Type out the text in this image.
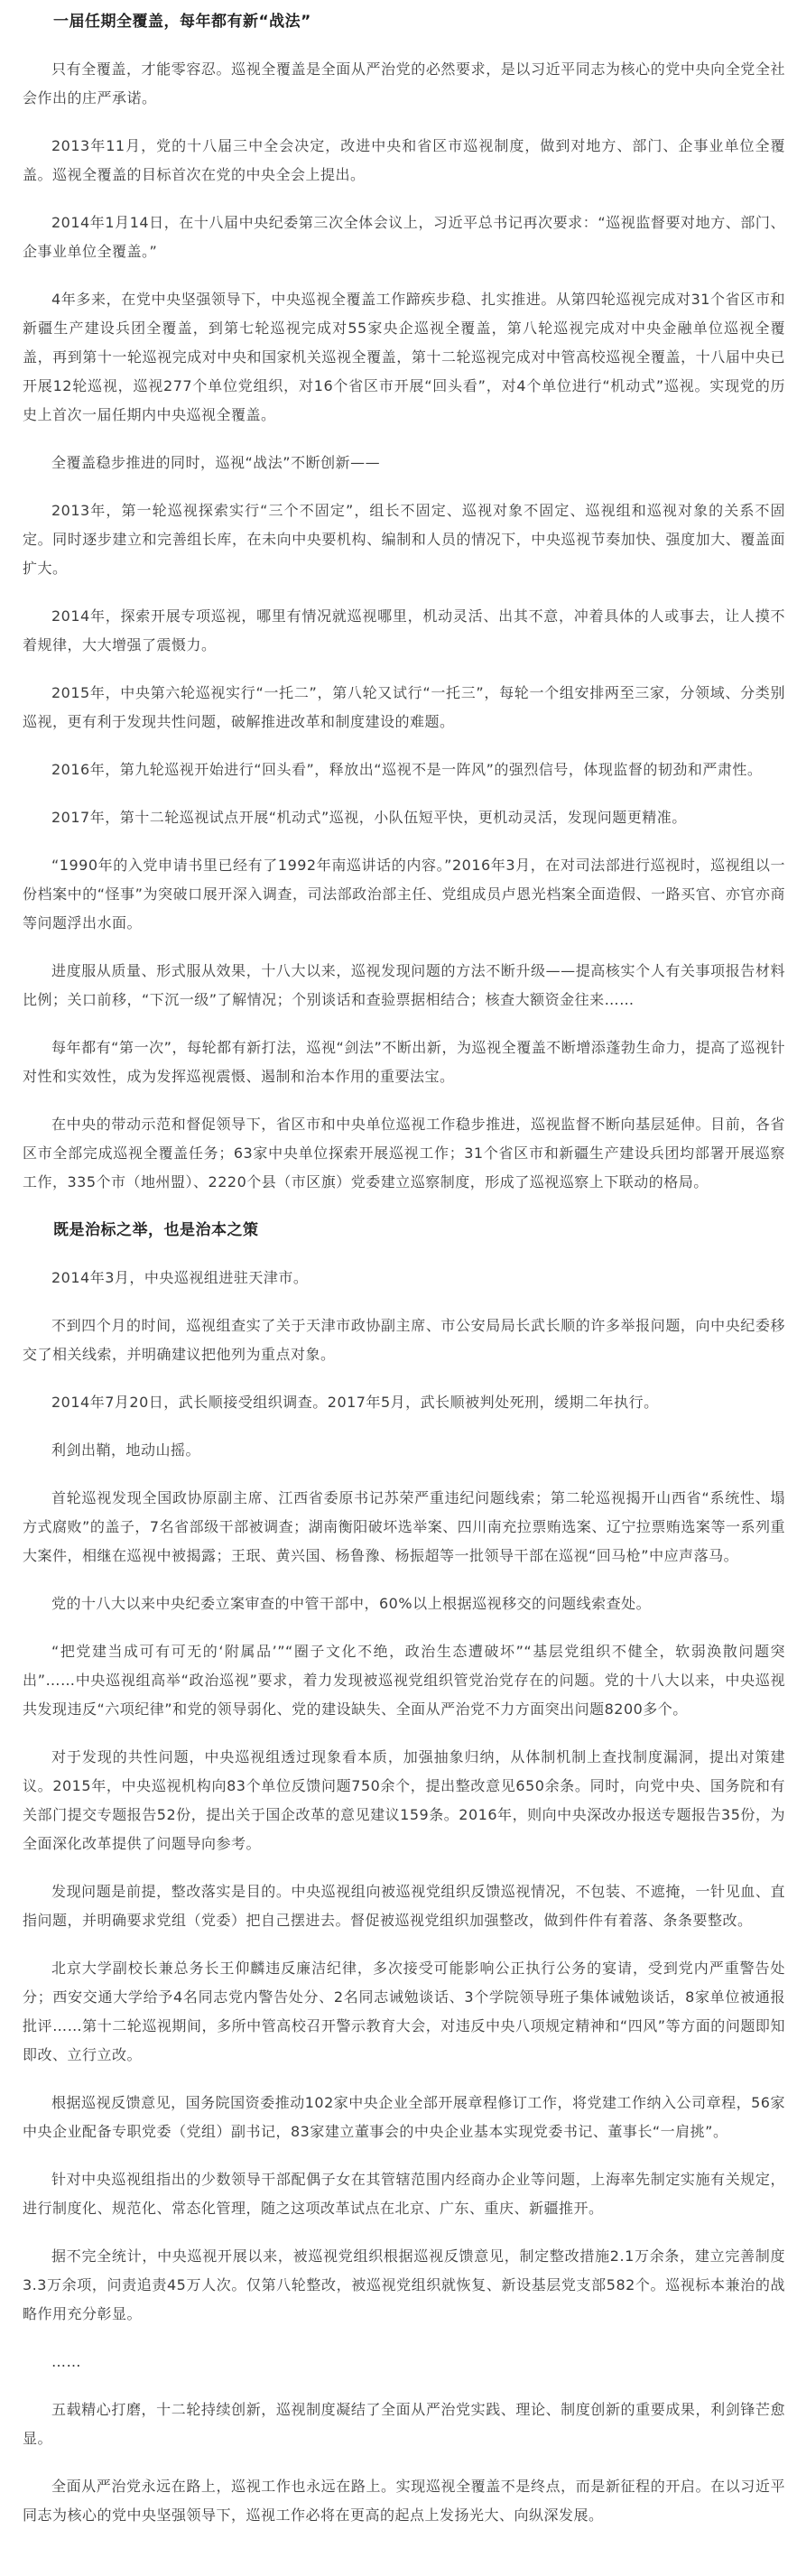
一届任期全覆盖，每年都有新“战法”

只有全覆盖，才能零容忍。巡视全覆盖是全面从严治党的必然要求，是以习近平同志为核心的党中央向全党全社会作出的庄严承诺。

2013年11月，党的十八届三中全会决定，改进中央和省区市巡视制度，做到对地方、部门、企事业单位全覆盖。巡视全覆盖的目标首次在党的中央全会上提出。

2014年1月14日，在十八届中央纪委第三次全体会议上，习近平总书记再次要求：“巡视监督要对地方、部门、企事业单位全覆盖。”

4年多来，在党中央坚强领导下，中央巡视全覆盖工作蹄疾步稳、扎实推进。从第四轮巡视完成对31个省区市和新疆生产建设兵团全覆盖，到第七轮巡视完成对55家央企巡视全覆盖，第八轮巡视完成对中央金融单位巡视全覆盖，再到第十一轮巡视完成对中央和国家机关巡视全覆盖，第十二轮巡视完成对中管高校巡视全覆盖，十八届中央已开展12轮巡视，巡视277个单位党组织，对16个省区市开展“回头看”，对4个单位进行“机动式”巡视。实现党的历史上首次一届任期内中央巡视全覆盖。

全覆盖稳步推进的同时，巡视“战法”不断创新——

2013年，第一轮巡视探索实行“三个不固定”，组长不固定、巡视对象不固定、巡视组和巡视对象的关系不固定。同时逐步建立和完善组长库，在未向中央要机构、编制和人员的情况下，中央巡视节奏加快、强度加大、覆盖面扩大。

2014年，探索开展专项巡视，哪里有情况就巡视哪里，机动灵活、出其不意，冲着具体的人或事去，让人摸不着规律，大大增强了震慑力。

2015年，中央第六轮巡视实行“一托二”，第八轮又试行“一托三”，每轮一个组安排两至三家，分领域、分类别巡视，更有利于发现共性问题，破解推进改革和制度建设的难题。

2016年，第九轮巡视开始进行“回头看”，释放出“巡视不是一阵风”的强烈信号，体现监督的韧劲和严肃性。

2017年，第十二轮巡视试点开展“机动式”巡视，小队伍短平快，更机动灵活，发现问题更精准。

“1990年的入党申请书里已经有了1992年南巡讲话的内容。”2016年3月，在对司法部进行巡视时，巡视组以一份档案中的“怪事”为突破口展开深入调查，司法部政治部主任、党组成员卢恩光档案全面造假、一路买官、亦官亦商等问题浮出水面。

进度服从质量、形式服从效果，十八大以来，巡视发现问题的方法不断升级——提高核实个人有关事项报告材料比例；关口前移，“下沉一级”了解情况；个别谈话和查验票据相结合；核查大额资金往来……

每年都有“第一次”，每轮都有新打法，巡视“剑法”不断出新，为巡视全覆盖不断增添蓬勃生命力，提高了巡视针对性和实效性，成为发挥巡视震慑、遏制和治本作用的重要法宝。

在中央的带动示范和督促领导下，省区市和中央单位巡视工作稳步推进，巡视监督不断向基层延伸。目前，各省区市全部完成巡视全覆盖任务；63家中央单位探索开展巡视工作；31个省区市和新疆生产建设兵团均部署开展巡察工作，335个市（地州盟）、2220个县（市区旗）党委建立巡察制度，形成了巡视巡察上下联动的格局。

既是治标之举，也是治本之策

2014年3月，中央巡视组进驻天津市。

不到四个月的时间，巡视组查实了关于天津市政协副主席、市公安局局长武长顺的许多举报问题，向中央纪委移交了相关线索，并明确建议把他列为重点对象。

2014年7月20日，武长顺接受组织调查。2017年5月，武长顺被判处死刑，缓期二年执行。

利剑出鞘，地动山摇。

首轮巡视发现全国政协原副主席、江西省委原书记苏荣严重违纪问题线索；第二轮巡视揭开山西省“系统性、塌方式腐败”的盖子，7名省部级干部被调查；湖南衡阳破坏选举案、四川南充拉票贿选案、辽宁拉票贿选案等一系列重大案件，相继在巡视中被揭露；王珉、黄兴国、杨鲁豫、杨振超等一批领导干部在巡视“回马枪”中应声落马。

党的十八大以来中央纪委立案审查的中管干部中，60%以上根据巡视移交的问题线索查处。

“把党建当成可有可无的‘附属品’”“圈子文化不绝，政治生态遭破坏”“基层党组织不健全，软弱涣散问题突出”……中央巡视组高举“政治巡视”要求，着力发现被巡视党组织管党治党存在的问题。党的十八大以来，中央巡视共发现违反“六项纪律”和党的领导弱化、党的建设缺失、全面从严治党不力方面突出问题8200多个。

对于发现的共性问题，中央巡视组透过现象看本质，加强抽象归纳，从体制机制上查找制度漏洞，提出对策建议。2015年，中央巡视机构向83个单位反馈问题750余个，提出整改意见650余条。同时，向党中央、国务院和有关部门提交专题报告52份，提出关于国企改革的意见建议159条。2016年，则向中央深改办报送专题报告35份，为全面深化改革提供了问题导向参考。

发现问题是前提，整改落实是目的。中央巡视组向被巡视党组织反馈巡视情况，不包装、不遮掩，一针见血、直指问题，并明确要求党组（党委）把自己摆进去。督促被巡视党组织加强整改，做到件件有着落、条条要整改。

北京大学副校长兼总务长王仰麟违反廉洁纪律，多次接受可能影响公正执行公务的宴请，受到党内严重警告处分；西安交通大学给予4名同志党内警告处分、2名同志诫勉谈话、3个学院领导班子集体诫勉谈话，8家单位被通报批评……第十二轮巡视期间，多所中管高校召开警示教育大会，对违反中央八项规定精神和“四风”等方面的问题即知即改、立行立改。

根据巡视反馈意见，国务院国资委推动102家中央企业全部开展章程修订工作，将党建工作纳入公司章程，56家中央企业配备专职党委（党组）副书记，83家建立董事会的中央企业基本实现党委书记、董事长“一肩挑”。

针对中央巡视组指出的少数领导干部配偶子女在其管辖范围内经商办企业等问题，上海率先制定实施有关规定，进行制度化、规范化、常态化管理，随之这项改革试点在北京、广东、重庆、新疆推开。

据不完全统计，中央巡视开展以来，被巡视党组织根据巡视反馈意见，制定整改措施2.1万余条，建立完善制度3.3万余项，问责追责45万人次。仅第八轮整改，被巡视党组织就恢复、新设基层党支部582个。巡视标本兼治的战略作用充分彰显。

……

五载精心打磨，十二轮持续创新，巡视制度凝结了全面从严治党实践、理论、制度创新的重要成果，利剑锋芒愈显。

全面从严治党永远在路上，巡视工作也永远在路上。实现巡视全覆盖不是终点，而是新征程的开启。在以习近平同志为核心的党中央坚强领导下，巡视工作必将在更高的起点上发扬光大、向纵深发展。
